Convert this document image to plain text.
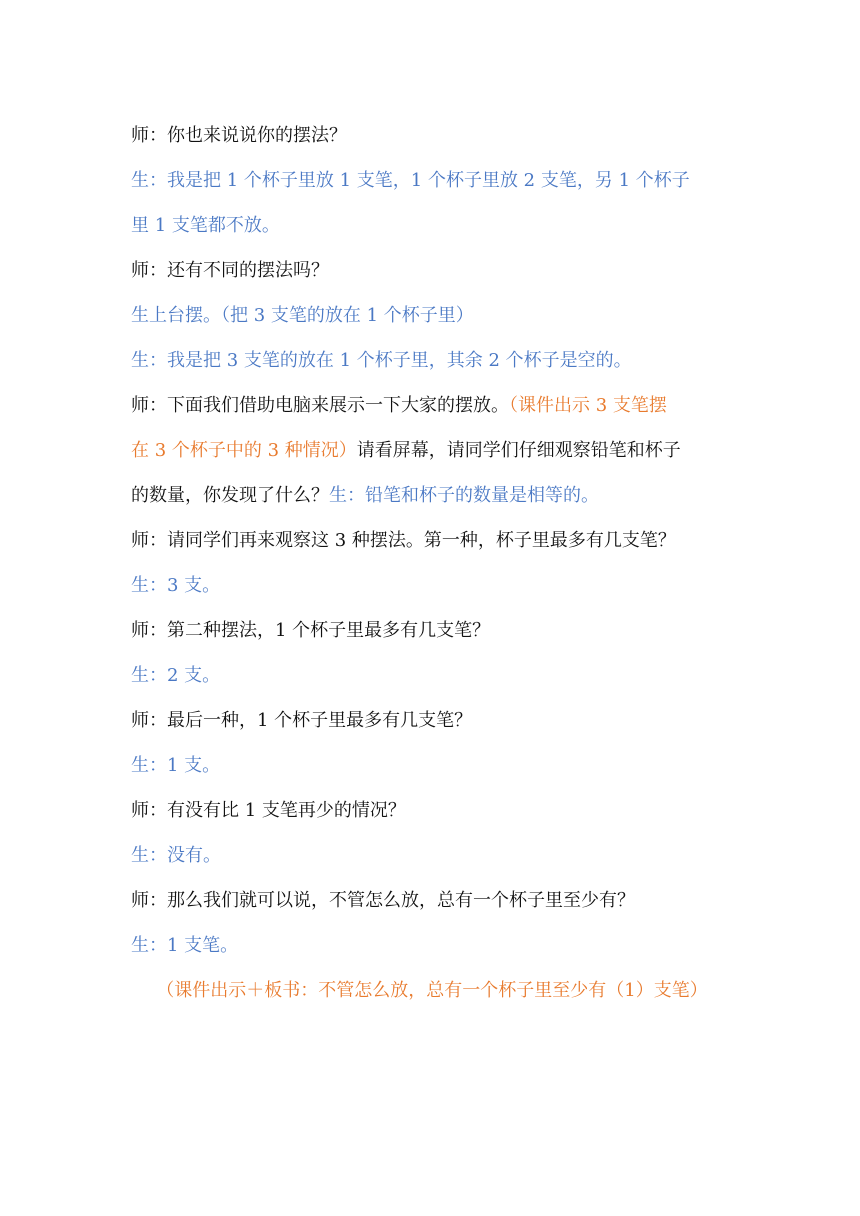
师：你也来说说你的摆法？
生：我是把 1 个杯子里放 1 支笔，1 个杯子里放 2 支笔，另 1 个杯子
里 1 支笔都不放。
师：还有不同的摆法吗？
生上台摆。（把 3 支笔的放在 1 个杯子里）
生：我是把 3 支笔的放在 1 个杯子里，其余 2 个杯子是空的。
师：下面我们借助电脑来展示一下大家的摆放。（课件出示 3 支笔摆
在 3 个杯子中的 3 种情况）请看屏幕，请同学们仔细观察铅笔和杯子
的数量，你发现了什么？生：铅笔和杯子的数量是相等的。
师：请同学们再来观察这 3 种摆法。第一种，杯子里最多有几支笔？
生：3 支。
师：第二种摆法，1 个杯子里最多有几支笔？
生：2 支。
师：最后一种，1 个杯子里最多有几支笔？
生：1 支。
师：有没有比 1 支笔再少的情况？
生：没有。
师：那么我们就可以说，不管怎么放，总有一个杯子里至少有？
生：1 支笔。
（课件出示＋板书：不管怎么放，总有一个杯子里至少有（1）支笔）
